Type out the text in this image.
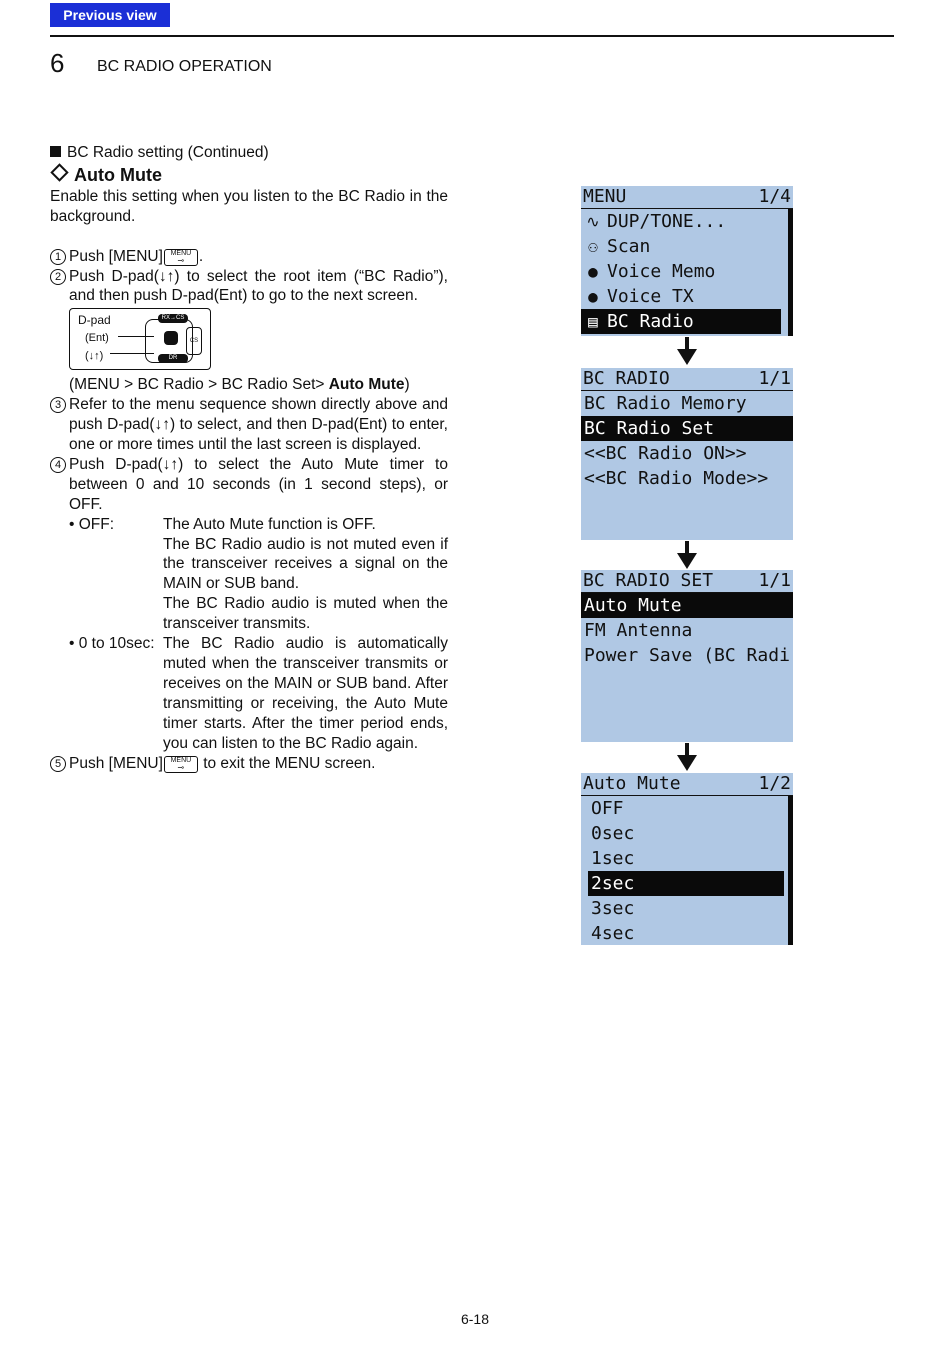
Previous view
6 BC RADIO OPERATION

BC Radio setting (Continued)

Auto Mute

Enable this setting when you listen to the BC Radio in the background.

1 Push [MENU]	MENU
⊸ .

2 Push D-pad(↓↑) to select the root item (“BC Radio”), and then push D-pad(Ent) to go to the next screen.

D-pad
(Ent)
(↓↑)
RX→CS
DR
CS

(MENU > BC Radio > BC Radio Set> Auto Mute)

3 Refer to the menu sequence shown directly above and push D-pad(↓↑) to select, and then D-pad(Ent) to enter, one or more times until the last screen is displayed.

4 Push D-pad(↓↑) to select the Auto Mute timer to between 0 and 10 seconds (in 1 second steps), or OFF.

• OFF:	The Auto Mute function is OFF.

The BC Radio audio is not muted even if the transceiver receives a signal on the MAIN or SUB band.

The BC Radio audio is muted when the transceiver transmits.

• 0 to 10sec: The BC Radio audio is automatically muted when the transceiver transmits or receives on the MAIN or SUB band. After transmitting or receiving, the Auto Mute timer starts. After the timer period ends, you can listen to the BC Radio again.

5 Push [MENU]	MENU
⊸ to exit the MENU screen.

MENU	1/4
∿ DUP/TONE...
⚇ Scan
● Voice Memo
● Voice TX
▤ BC Radio
BC RADIO	1/1
BC Radio Memory
BC Radio Set
<<BC Radio ON>>
<<BC Radio Mode>>
BC RADIO SET	1/1
Auto Mute
FM Antenna
Power Save (BC Radi
Auto Mute	1/2
OFF
0sec
1sec
2sec
3sec
4sec
6-18
